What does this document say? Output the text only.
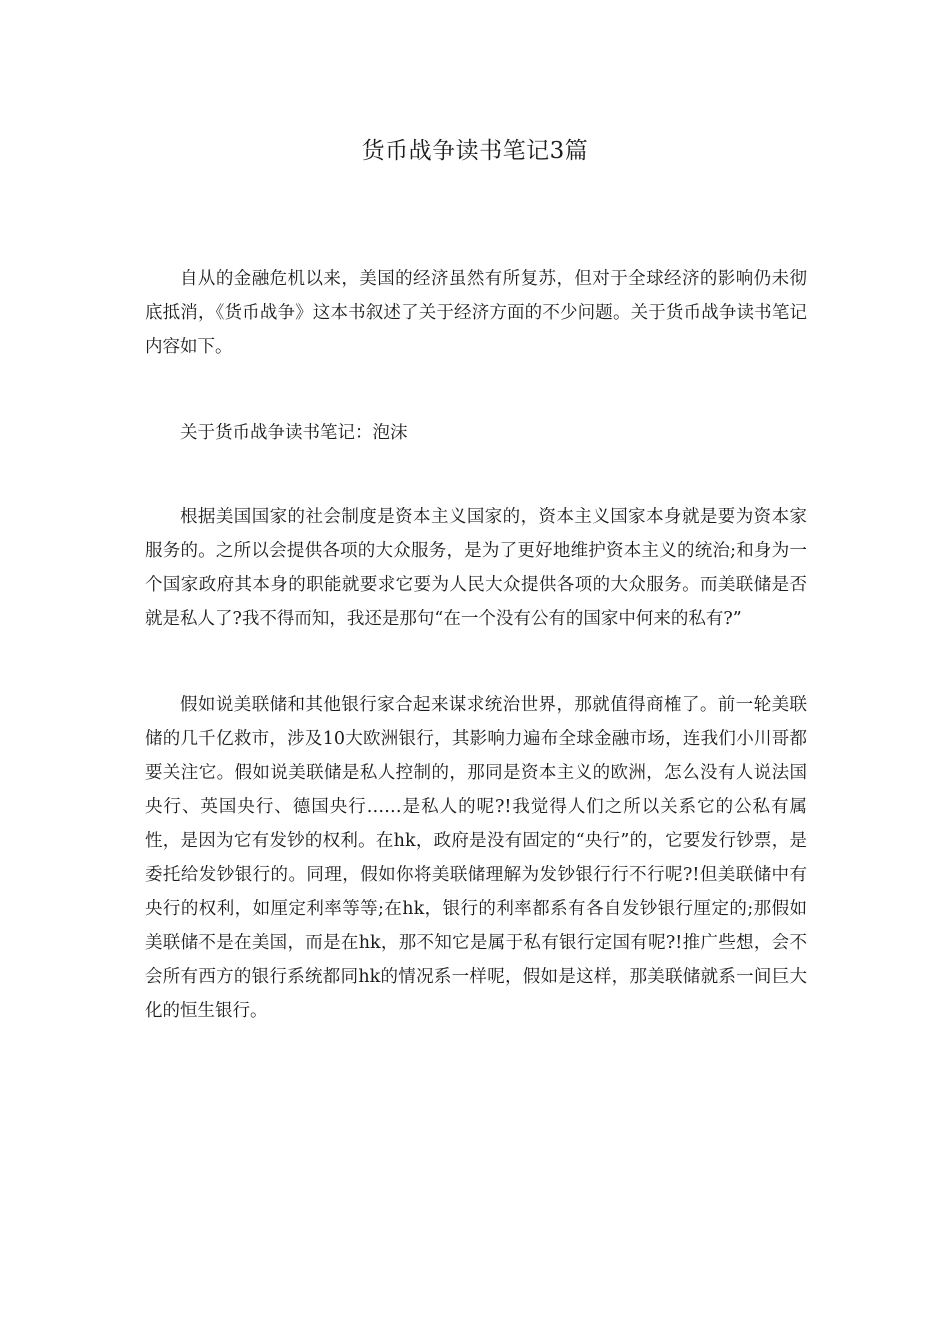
货币战争读书笔记3篇

自从的金融危机以来，美国的经济虽然有所复苏，但对于全球经济的影响仍未彻底抵消，《货币战争》这本书叙述了关于经济方面的不少问题。关于货币战争读书笔记内容如下。

关于货币战争读书笔记：泡沫

根据美国国家的社会制度是资本主义国家的，资本主义国家本身就是要为资本家服务的。之所以会提供各项的大众服务，是为了更好地维护资本主义的统治;和身为一个国家政府其本身的职能就要求它要为人民大众提供各项的大众服务。而美联储是否就是私人了?我不得而知，我还是那句“在一个没有公有的国家中何来的私有?”

假如说美联储和其他银行家合起来谋求统治世界，那就值得商榷了。前一轮美联储的几千亿救市，涉及10大欧洲银行，其影响力遍布全球金融市场，连我们小川哥都要关注它。假如说美联储是私人控制的，那同是资本主义的欧洲，怎么没有人说法国央行、英国央行、德国央行……是私人的呢?!我觉得人们之所以关系它的公私有属性，是因为它有发钞的权利。在hk，政府是没有固定的“央行”的，它要发行钞票，是委托给发钞银行的。同理，假如你将美联储理解为发钞银行行不行呢?!但美联储中有央行的权利，如厘定利率等等;在hk，银行的利率都系有各自发钞银行厘定的;那假如美联储不是在美国，而是在hk，那不知它是属于私有银行定国有呢?!推广些想，会不会所有西方的银行系统都同hk的情况系一样呢，假如是这样，那美联储就系一间巨大化的恒生银行。
